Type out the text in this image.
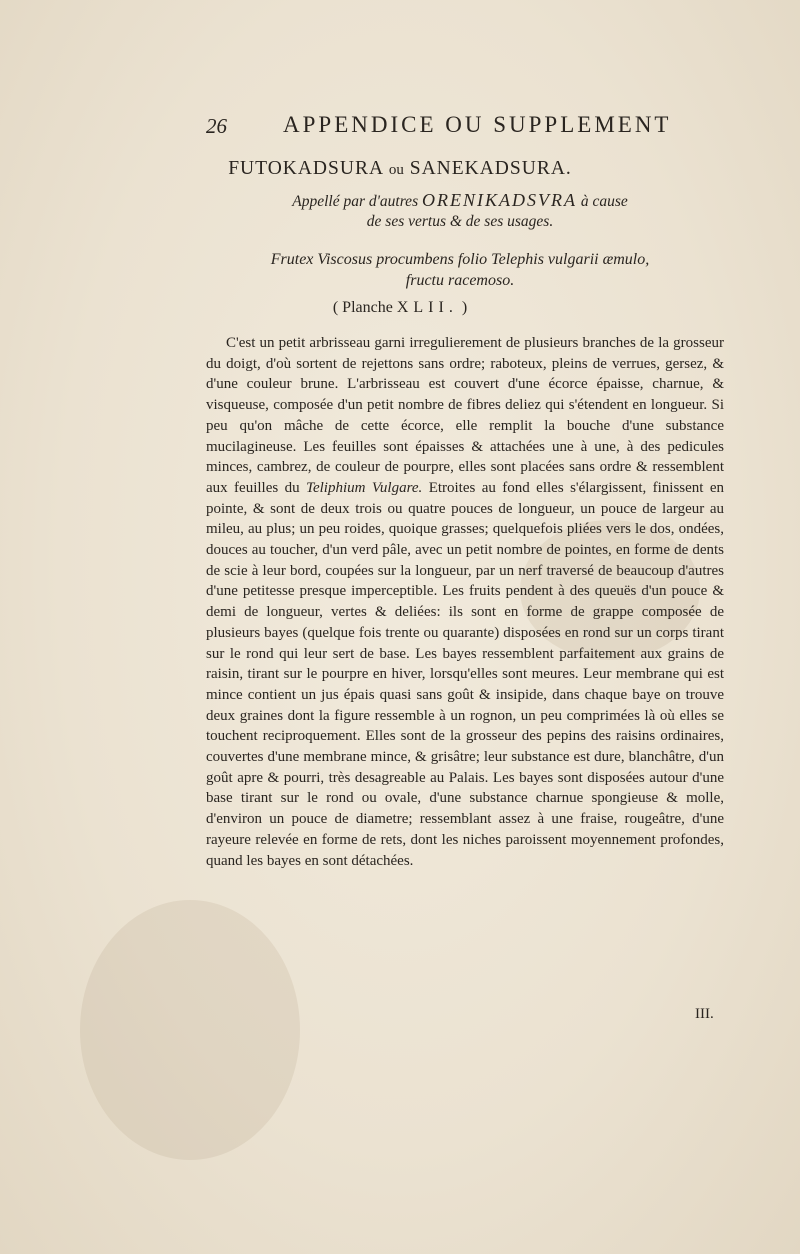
26 APPENDICE OU SUPPLEMENT
FUTOKADSURA ou SANEKADSURA.
Appellé par d'autres ORENIKADSVRA à cause
de ses vertus & de ses usages.
Frutex Viscosus procumbens folio Telephis vulgarii æmulo,
fructu racemoso.
( Planche XLII. )

C'est un petit arbrisseau garni irregulierement de plusieurs branches de la grosseur du doigt, d'où sortent de rejettons sans ordre; raboteux, pleins de verrues, gersez, & d'une couleur brune. L'arbrisseau est couvert d'une écorce épaisse, charnue, & visqueuse, composée d'un petit nombre de fibres deliez qui s'étendent en longueur. Si peu qu'on mâche de cette écorce, elle remplit la bouche d'une substance mucilagineuse. Les feuilles sont épaisses & attachées une à une, à des pedicules minces, cambrez, de couleur de pourpre, elles sont placées sans ordre & ressemblent aux feuilles du Teliphium Vulgare. Etroites au fond elles s'élargissent, finissent en pointe, & sont de deux trois ou quatre pouces de longueur, un pouce de largeur au mileu, au plus; un peu roides, quoique grasses; quelquefois pliées vers le dos, ondées, douces au toucher, d'un verd pâle, avec un petit nombre de pointes, en forme de dents de scie à leur bord, coupées sur la longueur, par un nerf traversé de beaucoup d'autres d'une petitesse presque imperceptible. Les fruits pendent à des queuës d'un pouce & demi de longueur, vertes & deliées: ils sont en forme de grappe composée de plusieurs bayes (quelque fois trente ou quarante) disposées en rond sur un corps tirant sur le rond qui leur sert de base. Les bayes ressemblent parfaitement aux grains de raisin, tirant sur le pourpre en hiver, lorsqu'elles sont meures. Leur membrane qui est mince contient un jus épais quasi sans goût & insipide, dans chaque baye on trouve deux graines dont la figure ressemble à un rognon, un peu comprimées là où elles se touchent reciproquement. Elles sont de la grosseur des pepins des raisins ordinaires, couvertes d'une membrane mince, & grisâtre; leur substance est dure, blanchâtre, d'un goût apre & pourri, très desagreable au Palais. Les bayes sont disposées autour d'une base tirant sur le rond ou ovale, d'une substance charnue spongieuse & molle, d'environ un pouce de diametre; ressemblant assez à une fraise, rougeâtre, d'une rayeure relevée en forme de rets, dont les niches paroissent moyennement profondes, quand les bayes en sont détachées.

III.
